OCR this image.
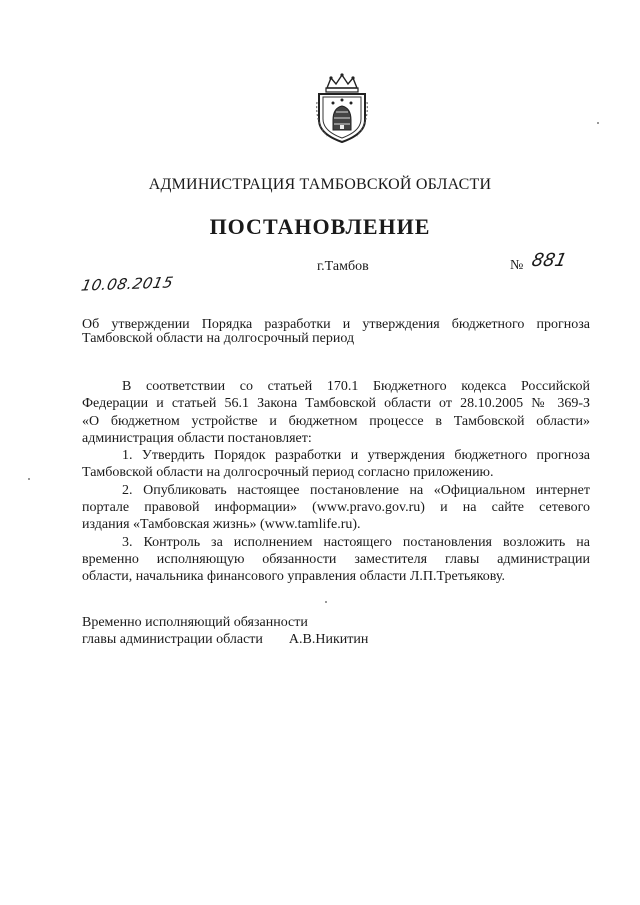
АДМИНИСТРАЦИЯ ТАМБОВСКОЙ ОБЛАСТИ
ПОСТАНОВЛЕНИЕ
г.Тамбов	№ 881
10.08.2015
Об утверждении Порядка разработки и утверждения бюджетного прогноза
Тамбовской области на долгосрочный период

В соответствии со статьей 170.1 Бюджетного кодекса Российской
Федерации и статьей 56.1 Закона Тамбовской области от 28.10.2005 № 369-З
«О бюджетном устройстве и бюджетном процессе в Тамбовской области»
администрация области постановляет:

1. Утвердить Порядок разработки и утверждения бюджетного прогноза
Тамбовской области на долгосрочный период согласно приложению.

2. Опубликовать настоящее постановление на «Официальном интернет
портале правовой информации» (www.pravo.gov.ru) и на сайте сетевого
издания «Тамбовская жизнь» (www.tamlife.ru).

3. Контроль за исполнением настоящего постановления возложить на
временно исполняющую обязанности заместителя главы администрации
области, начальника финансового управления области Л.П.Третьякову.

Временно исполняющий обязанности
главы администрации области А.В.Никитин
